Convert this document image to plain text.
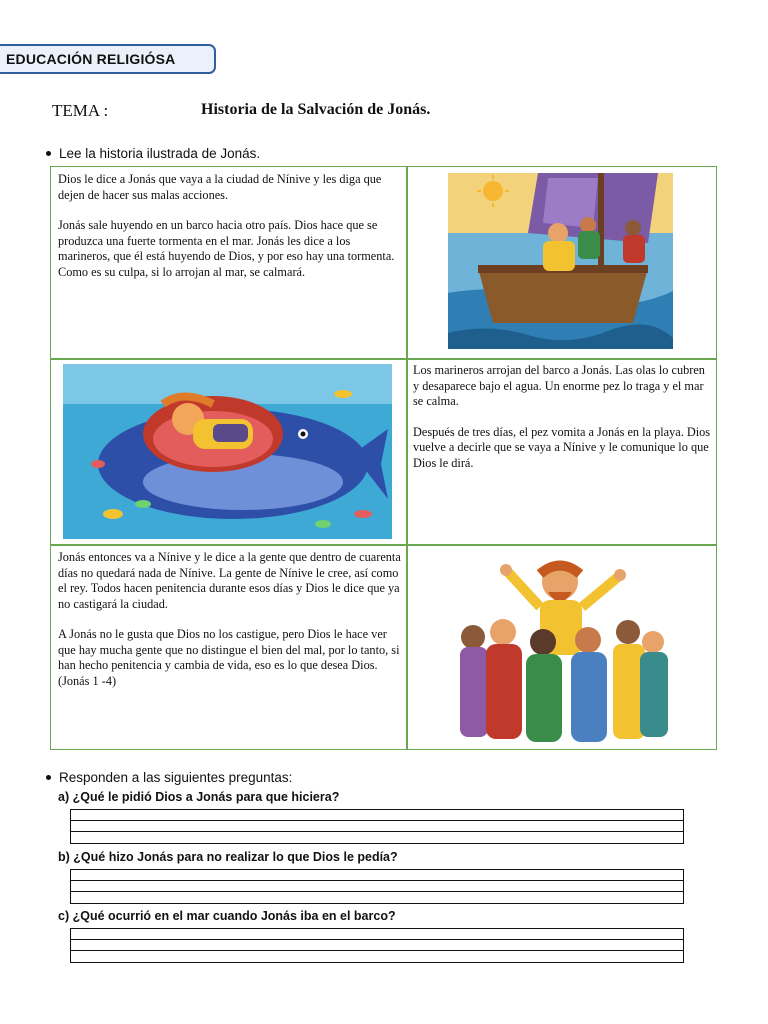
EDUCACIÓN RELIGIÓSA
TEMA :	Historia de la Salvación de Jonás.
Lee la historia ilustrada de Jonás.

Dios le dice a Jonás que vaya a la ciudad de Nínive y les diga que dejen de hacer sus malas acciones.

Jonás sale huyendo en un barco hacia otro país. Dios hace que se produzca una fuerte tormenta en el mar. Jonás les dice a los marineros, que él está huyendo de Dios, y por eso hay una tormenta. Como es su culpa, si lo arrojan al mar, se calmará.

Los marineros arrojan del barco a Jonás. Las olas lo cubren y desaparece bajo el agua. Un enorme pez lo traga y el mar se calma.

Después de tres días, el pez vomita a Jonás en la playa. Dios vuelve a decirle que se vaya a Nínive y le comunique lo que Dios le dirá.

Jonás entonces va a Nínive y le dice a la gente que dentro de cuarenta días no quedará nada de Nínive. La gente de Nínive le cree, así como el rey. Todos hacen penitencia durante esos días y Dios le dice que ya no castigará la ciudad.

A Jonás no le gusta que Dios no los castigue, pero Dios le hace ver que hay mucha gente que no distingue el bien del mal, por lo tanto, si han hecho penitencia y cambia de vida, eso es lo que desea Dios. (Jonás 1 -4)

Responden a las siguientes preguntas:
a) ¿Qué le pidió Dios a Jonás para que hiciera?
b) ¿Qué hizo Jonás para no realizar lo que Dios le pedía?
c) ¿Qué ocurrió en el mar cuando Jonás iba en el barco?
